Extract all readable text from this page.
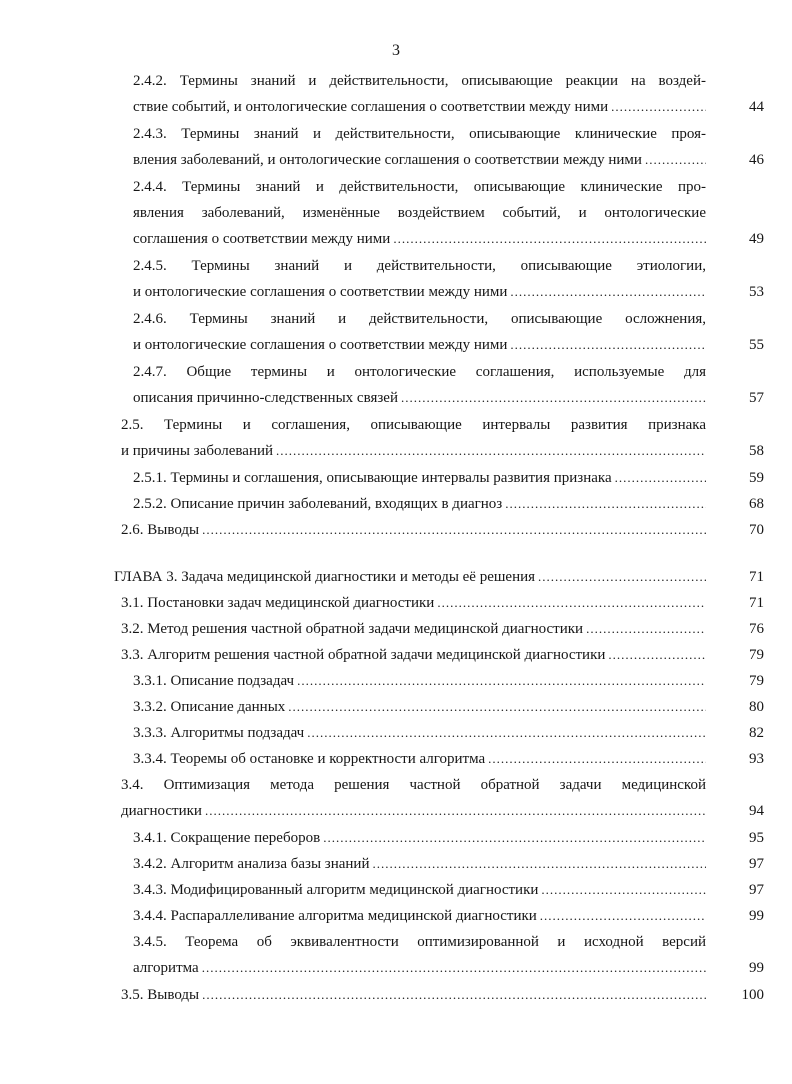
3
2.4.2. Термины знаний и действительности, описывающие реакции на воздей-
ствие событий, и онтологические соглашения о соответствии между ними .....	44
2.4.3. Термины знаний и действительности, описывающие клинические проя-
вления заболеваний, и онтологические соглашения о соответствии между ними .....	46
2.4.4. Термины знаний и действительности, описывающие клинические про-
явления заболеваний, изменённые воздействием событий, и онтологические
соглашения о соответствии между ними .....	49
2.4.5. Термины знаний и действительности, описывающие этиологии,
и онтологические соглашения о соответствии между ними .....	53
2.4.6. Термины знаний и действительности, описывающие осложнения,
и онтологические соглашения о соответствии между ними .....	55
2.4.7. Общие термины и онтологические соглашения, используемые для
описания причинно-следственных связей .....	57
2.5. Термины и соглашения, описывающие интервалы развития признака
и причины заболеваний .....	58
2.5.1. Термины и соглашения, описывающие интервалы развития признака .....	59
2.5.2. Описание причин заболеваний, входящих в диагноз .....	68
2.6. Выводы .....	70
ГЛАВА 3. Задача медицинской диагностики и методы её решения .....	71
3.1. Постановки задач медицинской диагностики .....	71
3.2. Метод решения частной обратной задачи медицинской диагностики .....	76
3.3. Алгоритм решения частной обратной задачи медицинской диагностики .....	79
3.3.1. Описание подзадач .....	79
3.3.2. Описание данных .....	80
3.3.3. Алгоритмы подзадач .....	82
3.3.4. Теоремы об остановке и корректности алгоритма .....	93
3.4. Оптимизация метода решения частной обратной задачи медицинской
диагностики .....	94
3.4.1. Сокращение переборов .....	95
3.4.2. Алгоритм анализа базы знаний .....	97
3.4.3. Модифицированный алгоритм медицинской диагностики .....	97
3.4.4. Распараллеливание алгоритма медицинской диагностики .....	99
3.4.5. Теорема об эквивалентности оптимизированной и исходной версий
алгоритма .....	99
3.5. Выводы .....	100
